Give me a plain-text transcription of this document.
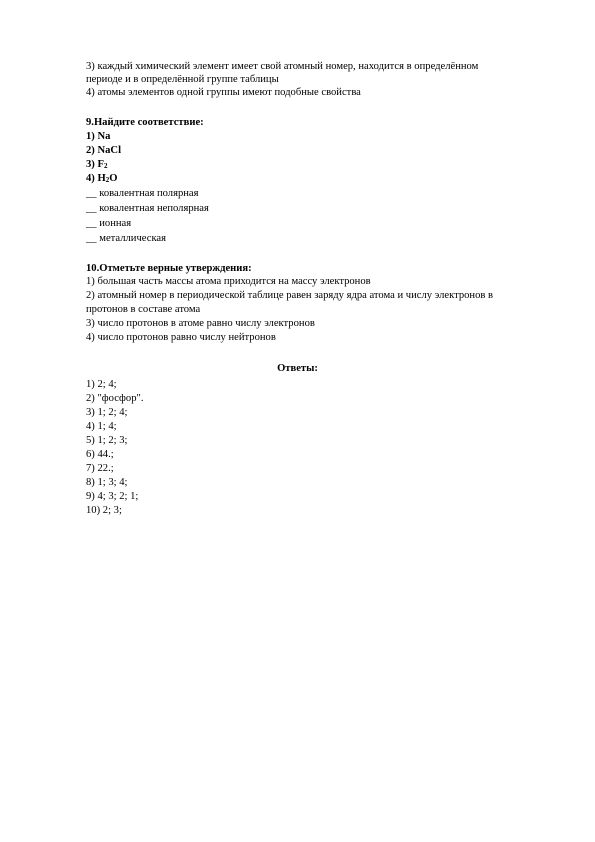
3) каждый химический элемент имеет свой атомный номер, находится в определённом
периоде и в определённой группе таблицы
4) атомы элементов одной группы имеют подобные свойства
9.Найдите соответствие:
1) Na
2) NaCl
3) $F_2$
4) $H_2O$
__ ковалентная полярная
__ ковалентная неполярная
__ ионная
__ металлическая
10.Отметьте верные утверждения:
1) большая часть массы атома приходится на массу электронов
2) атомный номер в периодической таблице равен заряду ядра атома и числу электронов в
протонов в составе атома
3) число протонов в атоме равно числу электронов
4) число протонов равно числу нейтронов
Ответы:
1) 2; 4;
2) "фосфор".
3) 1; 2; 4;
4) 1; 4;
5) 1; 2; 3;
6) 44.;
7) 22.;
8) 1; 3; 4;
9) 4; 3; 2; 1;
10) 2; 3;
